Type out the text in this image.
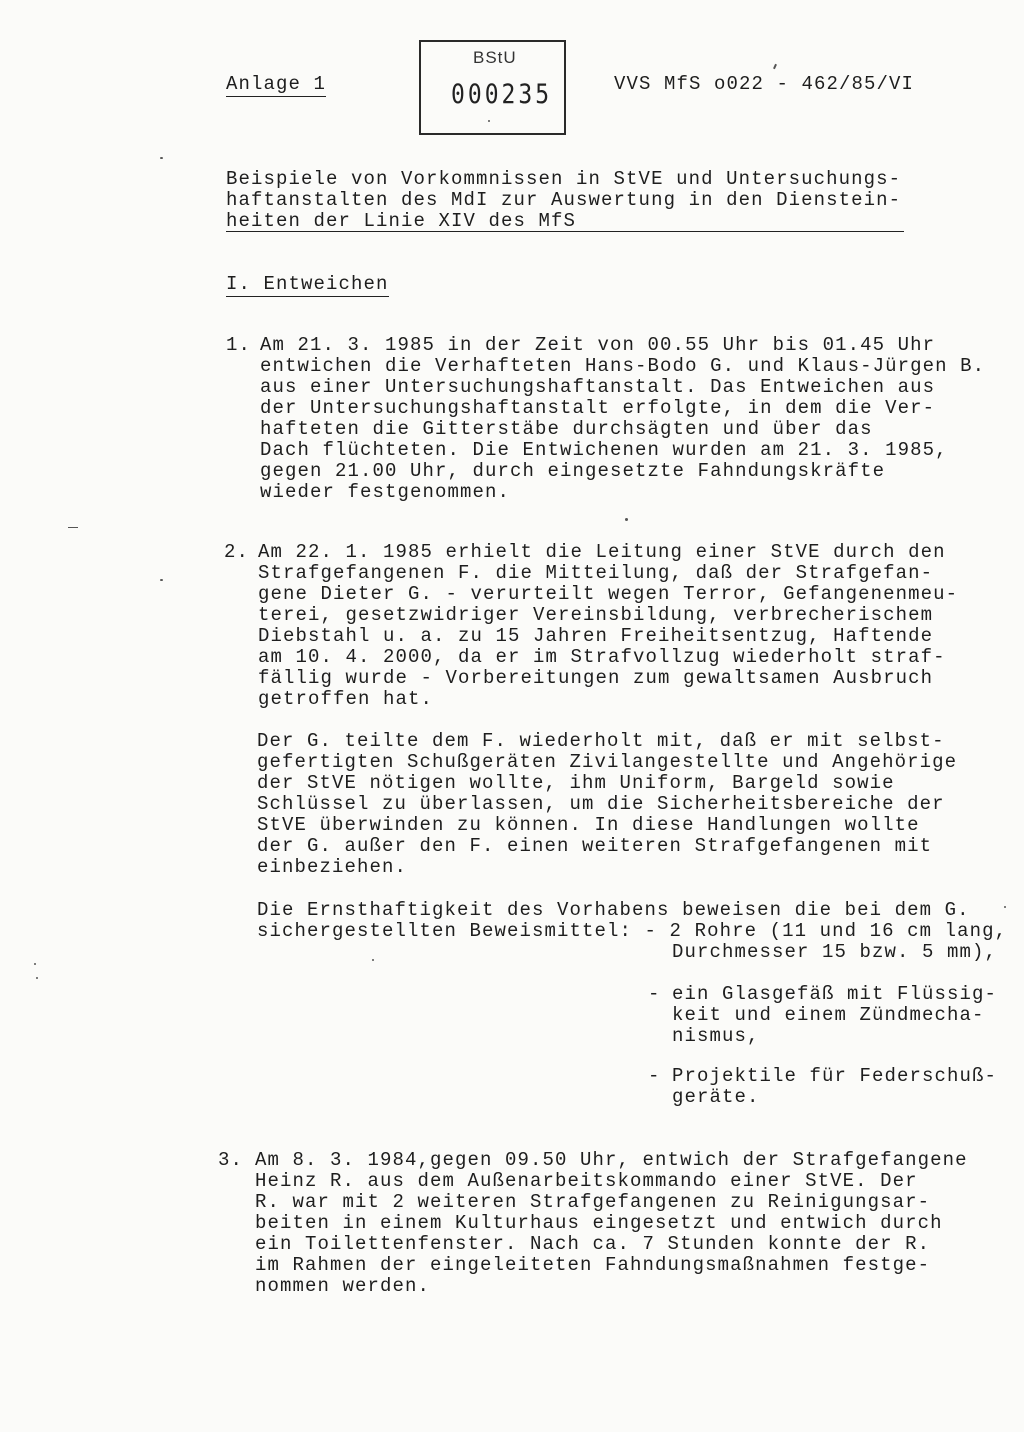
Anlage 1
BStU
000235	VVS MfS o022 - 462/85/VI
Beispiele von Vorkommnissen in StVE und Untersuchungs-
haftanstalten des MdI zur Auswertung in den Dienstein-
heiten der Linie XIV des MfS
I. Entweichen
1. Am 21. 3. 1985 in der Zeit von 00.55 Uhr bis 01.45 Uhr
entwichen die Verhafteten Hans-Bodo G. und Klaus-Jürgen B.
aus einer Untersuchungshaftanstalt. Das Entweichen aus
der Untersuchungshaftanstalt erfolgte, in dem die Ver-
hafteten die Gitterstäbe durchsägten und über das
Dach flüchteten. Die Entwichenen wurden am 21. 3. 1985,
gegen 21.00 Uhr, durch eingesetzte Fahndungskräfte
wieder festgenommen.
2. Am 22. 1. 1985 erhielt die Leitung einer StVE durch den
Strafgefangenen F. die Mitteilung, daß der Strafgefan-
gene Dieter G. - verurteilt wegen Terror, Gefangenenmeu-
terei, gesetzwidriger Vereinsbildung, verbrecherischem
Diebstahl u. a. zu 15 Jahren Freiheitsentzug, Haftende
am 10. 4. 2000, da er im Strafvollzug wiederholt straf-
fällig wurde - Vorbereitungen zum gewaltsamen Ausbruch
getroffen hat.
Der G. teilte dem F. wiederholt mit, daß er mit selbst-
gefertigten Schußgeräten Zivilangestellte und Angehörige
der StVE nötigen wollte, ihm Uniform, Bargeld sowie
Schlüssel zu überlassen, um die Sicherheitsbereiche der
StVE überwinden zu können. In diese Handlungen wollte
der G. außer den F. einen weiteren Strafgefangenen mit
einbeziehen.
Die Ernsthaftigkeit des Vorhabens beweisen die bei dem G.
sichergestellten Beweismittel: - 2 Rohre (11 und 16 cm lang,
Durchmesser 15 bzw. 5 mm),
- ein Glasgefäß mit Flüssig-
keit und einem Zündmecha-
nismus,
- Projektile für Federschuß-
geräte.
3. Am 8. 3. 1984,gegen 09.50 Uhr, entwich der Strafgefangene
Heinz R. aus dem Außenarbeitskommando einer StVE. Der
R. war mit 2 weiteren Strafgefangenen zu Reinigungsar-
beiten in einem Kulturhaus eingesetzt und entwich durch
ein Toilettenfenster. Nach ca. 7 Stunden konnte der R.
im Rahmen der eingeleiteten Fahndungsmaßnahmen festge-
nommen werden.
